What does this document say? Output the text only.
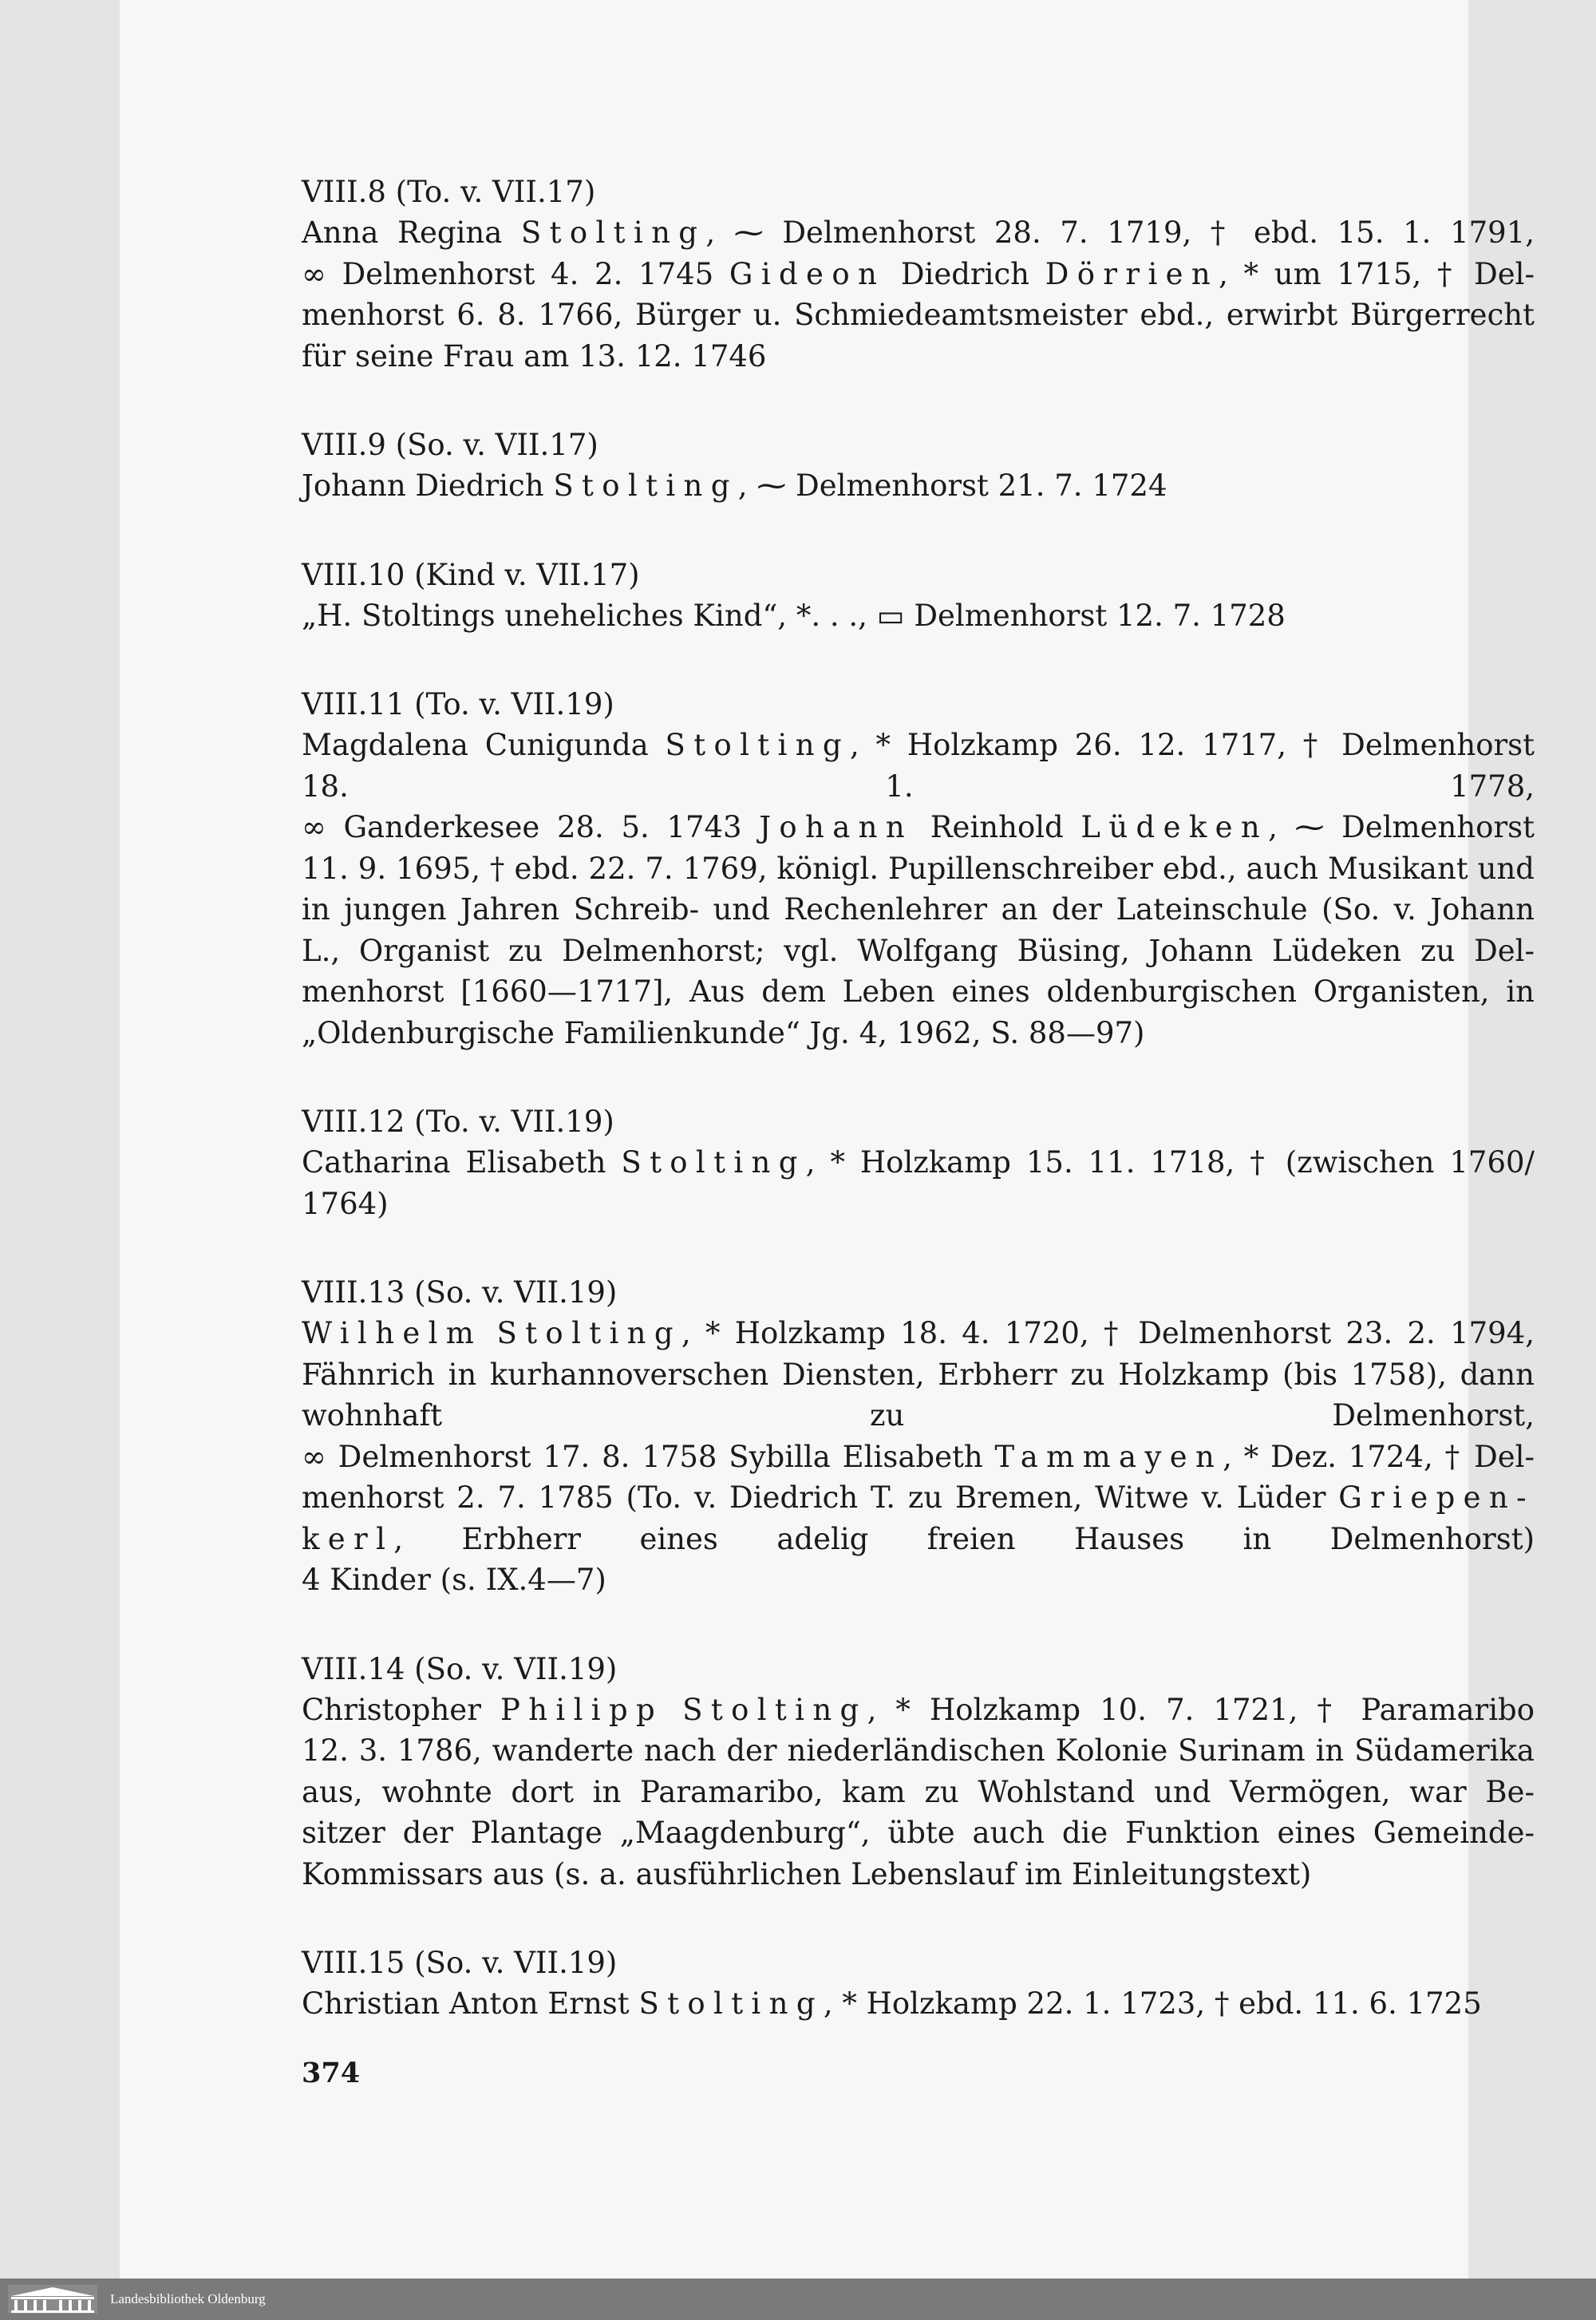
VIII.8 (To. v. VII.17)
Anna Regina Stolting, ⁓ Delmenhorst 28. 7. 1719, † ebd. 15. 1. 1791,
∞ Delmenhorst 4. 2. 1745 Gideon Diedrich Dörrien, * um 1715, † Del-
menhorst 6. 8. 1766, Bürger u. Schmiedeamtsmeister ebd., erwirbt Bürgerrecht
für seine Frau am 13. 12. 1746
VIII.9 (So. v. VII.17)
Johann Diedrich Stolting, ⁓ Delmenhorst 21. 7. 1724
VIII.10 (Kind v. VII.17)
„H. Stoltings uneheliches Kind“, *. . ., ▭ Delmenhorst 12. 7. 1728
VIII.11 (To. v. VII.19)
Magdalena Cunigunda Stolting, * Holzkamp 26. 12. 1717, † Delmenhorst
18. 1. 1778,
∞ Ganderkesee 28. 5. 1743 Johann Reinhold Lüdeken, ⁓ Delmenhorst
11. 9. 1695, † ebd. 22. 7. 1769, königl. Pupillenschreiber ebd., auch Musikant und
in jungen Jahren Schreib- und Rechenlehrer an der Lateinschule (So. v. Johann
L., Organist zu Delmenhorst; vgl. Wolfgang Büsing, Johann Lüdeken zu Del-
menhorst [1660—1717], Aus dem Leben eines oldenburgischen Organisten, in
„Oldenburgische Familienkunde“ Jg. 4, 1962, S. 88—97)
VIII.12 (To. v. VII.19)
Catharina Elisabeth Stolting, * Holzkamp 15. 11. 1718, † (zwischen 1760/
1764)
VIII.13 (So. v. VII.19)
Wilhelm Stolting, * Holzkamp 18. 4. 1720, † Delmenhorst 23. 2. 1794,
Fähnrich in kurhannoverschen Diensten, Erbherr zu Holzkamp (bis 1758), dann
wohnhaft zu Delmenhorst,
∞ Delmenhorst 17. 8. 1758 Sybilla Elisabeth Tammayen, * Dez. 1724, † Del-
menhorst 2. 7. 1785 (To. v. Diedrich T. zu Bremen, Witwe v. Lüder Griepen-
kerl, Erbherr eines adelig freien Hauses in Delmenhorst)
4 Kinder (s. IX.4—7)
VIII.14 (So. v. VII.19)
Christopher Philipp Stolting, * Holzkamp 10. 7. 1721, † Paramaribo
12. 3. 1786, wanderte nach der niederländischen Kolonie Surinam in Südamerika
aus, wohnte dort in Paramaribo, kam zu Wohlstand und Vermögen, war Be-
sitzer der Plantage „Maagdenburg“, übte auch die Funktion eines Gemeinde-
Kommissars aus (s. a. ausführlichen Lebenslauf im Einleitungstext)
VIII.15 (So. v. VII.19)
Christian Anton Ernst Stolting, * Holzkamp 22. 1. 1723, † ebd. 11. 6. 1725
374
Landesbibliothek Oldenburg
